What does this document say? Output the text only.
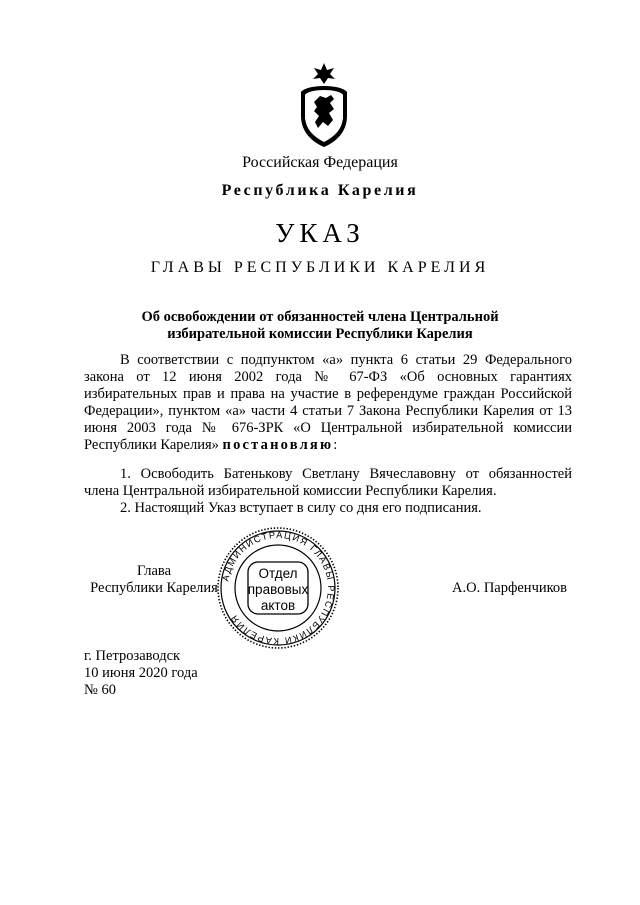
Российская Федерация
Республика Карелия
УКАЗ
ГЛАВЫ РЕСПУБЛИКИ КАРЕЛИЯ
Об освобождении от обязанностей члена Центральной
избирательной комиссии Республики Карелия
В соответствии с подпунктом «а» пункта 6 статьи 29 Федерального закона от 12 июня 2002 года № 67-ФЗ «Об основных гарантиях избирательных прав и права на участие в референдуме граждан Российской Федерации», пунктом «а» части 4 статьи 7 Закона Республики Карелия от 13 июня 2003 года № 676-ЗРК «О Центральной избирательной комиссии Республики Карелия» постановляю:
1. Освободить Батенькову Светлану Вячеславовну от обязанностей члена Центральной избирательной комиссии Республики Карелия.
2. Настоящий Указ вступает в силу со дня его подписания.
Глава
Республики Карелия
АДМИНИСТРАЦИЯ ГЛАВЫ РЕСПУБЛИКИ КАРЕЛИЯ
Отдел
правовых
актов
А.О. Парфенчиков
г. Петрозаводск
10 июня 2020 года
№ 60
